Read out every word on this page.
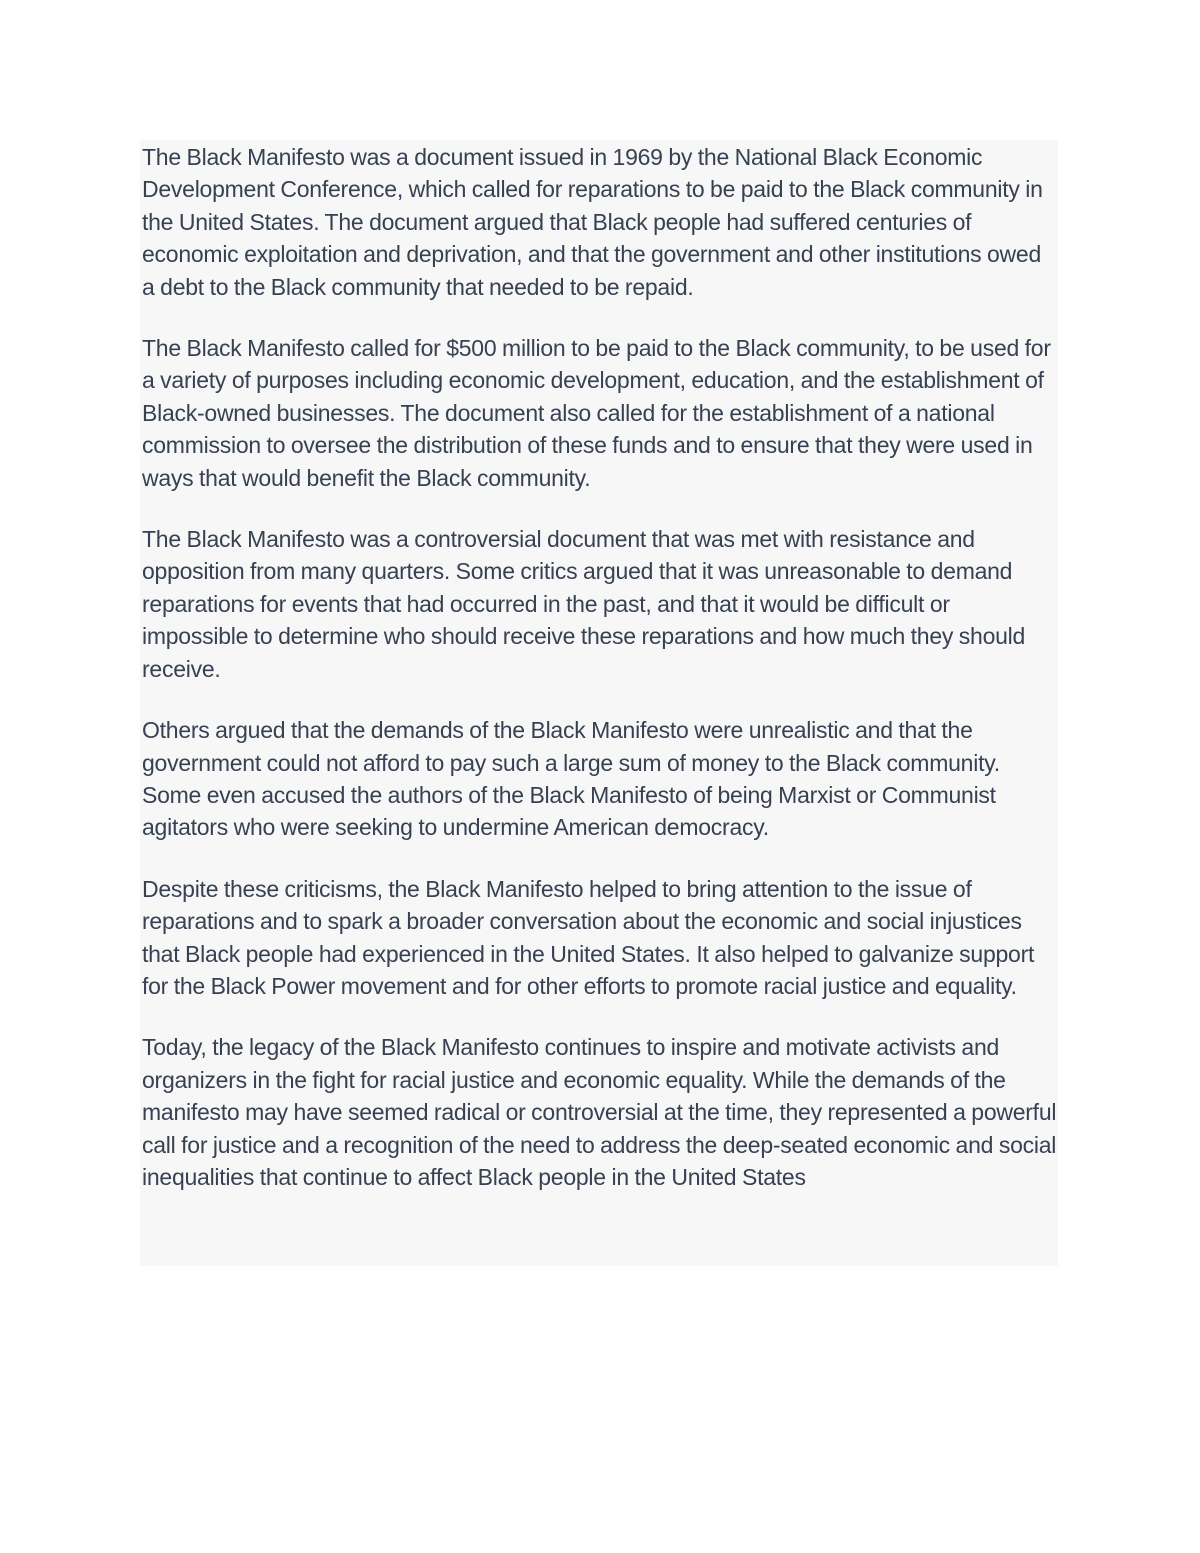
The Black Manifesto was a document issued in 1969 by the National Black Economic Development Conference, which called for reparations to be paid to the Black community in the United States. The document argued that Black people had suffered centuries of economic exploitation and deprivation, and that the government and other institutions owed a debt to the Black community that needed to be repaid.

The Black Manifesto called for $500 million to be paid to the Black community, to be used for a variety of purposes including economic development, education, and the establishment of Black-owned businesses. The document also called for the establishment of a national commission to oversee the distribution of these funds and to ensure that they were used in ways that would benefit the Black community.

The Black Manifesto was a controversial document that was met with resistance and opposition from many quarters. Some critics argued that it was unreasonable to demand reparations for events that had occurred in the past, and that it would be difficult or impossible to determine who should receive these reparations and how much they should receive.

Others argued that the demands of the Black Manifesto were unrealistic and that the government could not afford to pay such a large sum of money to the Black community. Some even accused the authors of the Black Manifesto of being Marxist or Communist agitators who were seeking to undermine American democracy.

Despite these criticisms, the Black Manifesto helped to bring attention to the issue of reparations and to spark a broader conversation about the economic and social injustices that Black people had experienced in the United States. It also helped to galvanize support for the Black Power movement and for other efforts to promote racial justice and equality.

Today, the legacy of the Black Manifesto continues to inspire and motivate activists and organizers in the fight for racial justice and economic equality. While the demands of the manifesto may have seemed radical or controversial at the time, they represented a powerful call for justice and a recognition of the need to address the deep-seated economic and social inequalities that continue to affect Black people in the United States
